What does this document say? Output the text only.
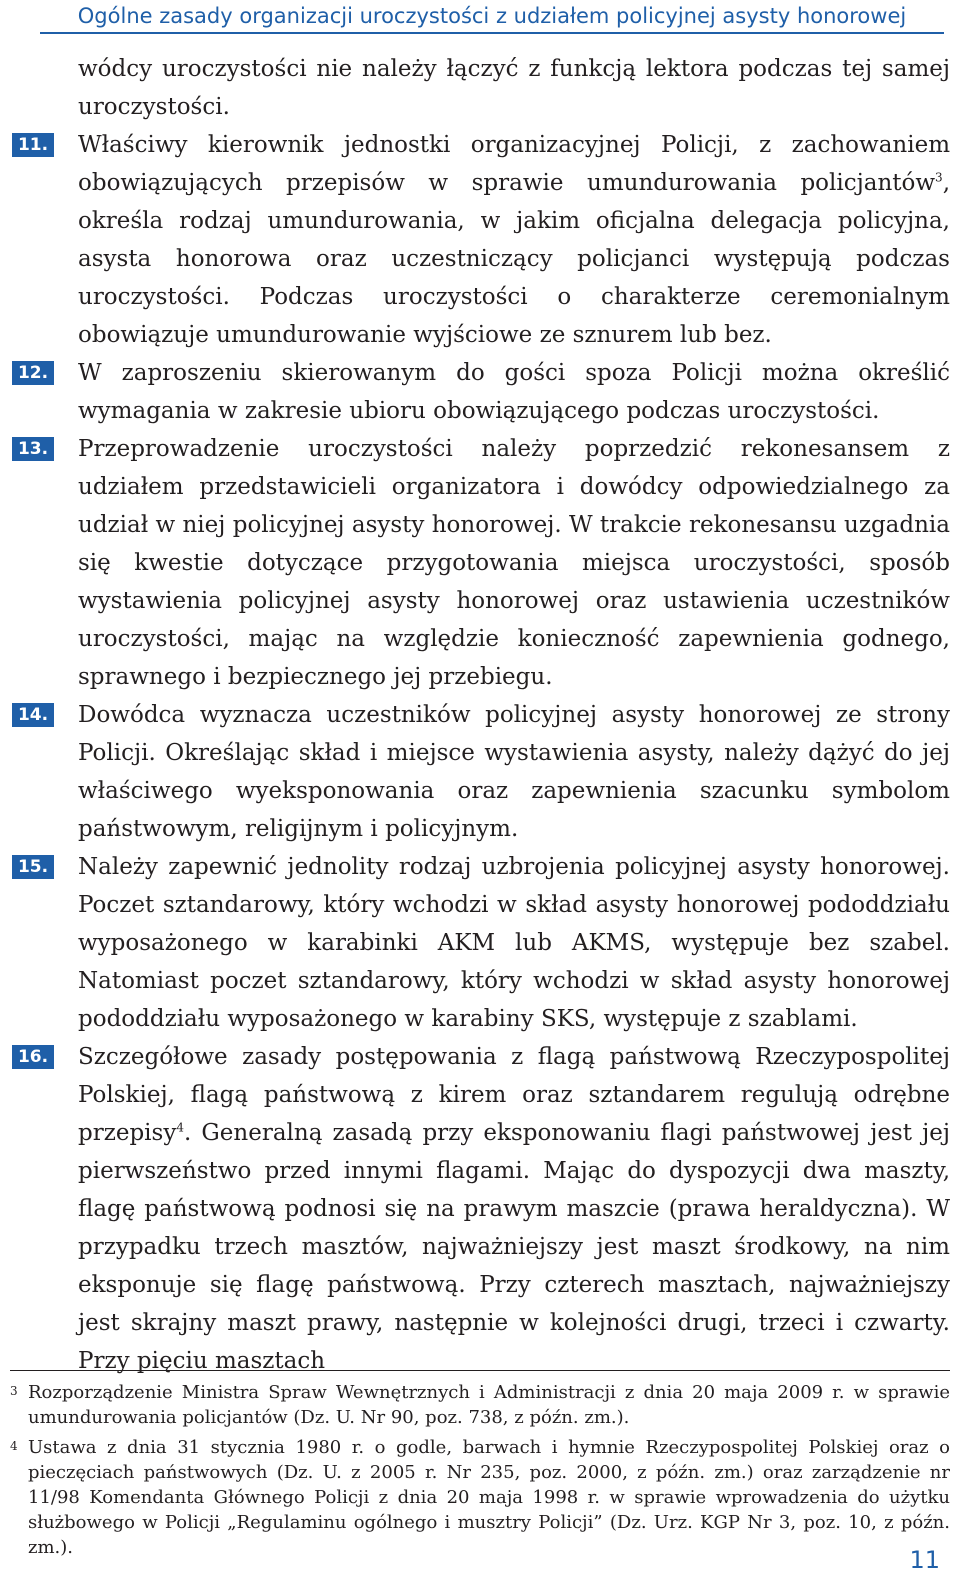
Ogólne zasady organizacji uroczystości z udziałem policyjnej asysty honorowej
wódcy uroczystości nie należy łączyć z funkcją lektora podczas tej samej uroczystości.
11. Właściwy kierownik jednostki organizacyjnej Policji, z zachowaniem obowiązujących przepisów w sprawie umundurowania policjantów$^3$, określa rodzaj umundurowania, w jakim oficjalna delegacja policyjna, asysta honorowa oraz uczestniczący policjanci występują podczas uroczystości. Podczas uroczystości o charakterze ceremonialnym obowiązuje umundurowanie wyjściowe ze sznurem lub bez.
12. W zaproszeniu skierowanym do gości spoza Policji można określić wymagania w zakresie ubioru obowiązującego podczas uroczystości.
13. Przeprowadzenie uroczystości należy poprzedzić rekonesansem z udziałem przedstawicieli organizatora i dowódcy odpowiedzialnego za udział w niej policyjnej asysty honorowej. W trakcie rekonesansu uzgadnia się kwestie dotyczące przygotowania miejsca uroczystości, sposób wystawienia policyjnej asysty honorowej oraz ustawienia uczestników uroczystości, mając na względzie konieczność zapewnienia godnego, sprawnego i bezpiecznego jej przebiegu.
14. Dowódca wyznacza uczestników policyjnej asysty honorowej ze strony Policji. Określając skład i miejsce wystawienia asysty, należy dążyć do jej właściwego wyeksponowania oraz zapewnienia szacunku symbolom państwowym, religijnym i policyjnym.
15. Należy zapewnić jednolity rodzaj uzbrojenia policyjnej asysty honorowej. Poczet sztandarowy, który wchodzi w skład asysty honorowej pododdziału wyposażonego w karabinki AKM lub AKMS, występuje bez szabel. Natomiast poczet sztandarowy, który wchodzi w skład asysty honorowej pododdziału wyposażonego w karabiny SKS, występuje z szablami.
16. Szczegółowe zasady postępowania z flagą państwową Rzeczypospolitej Polskiej, flagą państwową z kirem oraz sztandarem regulują odrębne przepisy$^4$. Generalną zasadą przy eksponowaniu flagi państwowej jest jej pierwszeństwo przed innymi flagami. Mając do dyspozycji dwa maszty, flagę państwową podnosi się na prawym maszcie (prawa heraldyczna). W przypadku trzech masztów, najważniejszy jest maszt środkowy, na nim eksponuje się flagę państwową. Przy czterech masztach, najważniejszy jest skrajny maszt prawy, następnie w kolejności drugi, trzeci i czwarty. Przy pięciu masztach
3 Rozporządzenie Ministra Spraw Wewnętrznych i Administracji z dnia 20 maja 2009 r. w sprawie umundurowania policjantów (Dz. U. Nr 90, poz. 738, z późn. zm.).
4 Ustawa z dnia 31 stycznia 1980 r. o godle, barwach i hymnie Rzeczypospolitej Polskiej oraz o pieczęciach państwowych (Dz. U. z 2005 r. Nr 235, poz. 2000, z późn. zm.) oraz zarządzenie nr 11/98 Komendanta Głównego Policji z dnia 20 maja 1998 r. w sprawie wprowadzenia do użytku służbowego w Policji „Regulaminu ogólnego i musztry Policji” (Dz. Urz. KGP Nr 3, poz. 10, z późn. zm.).	11
